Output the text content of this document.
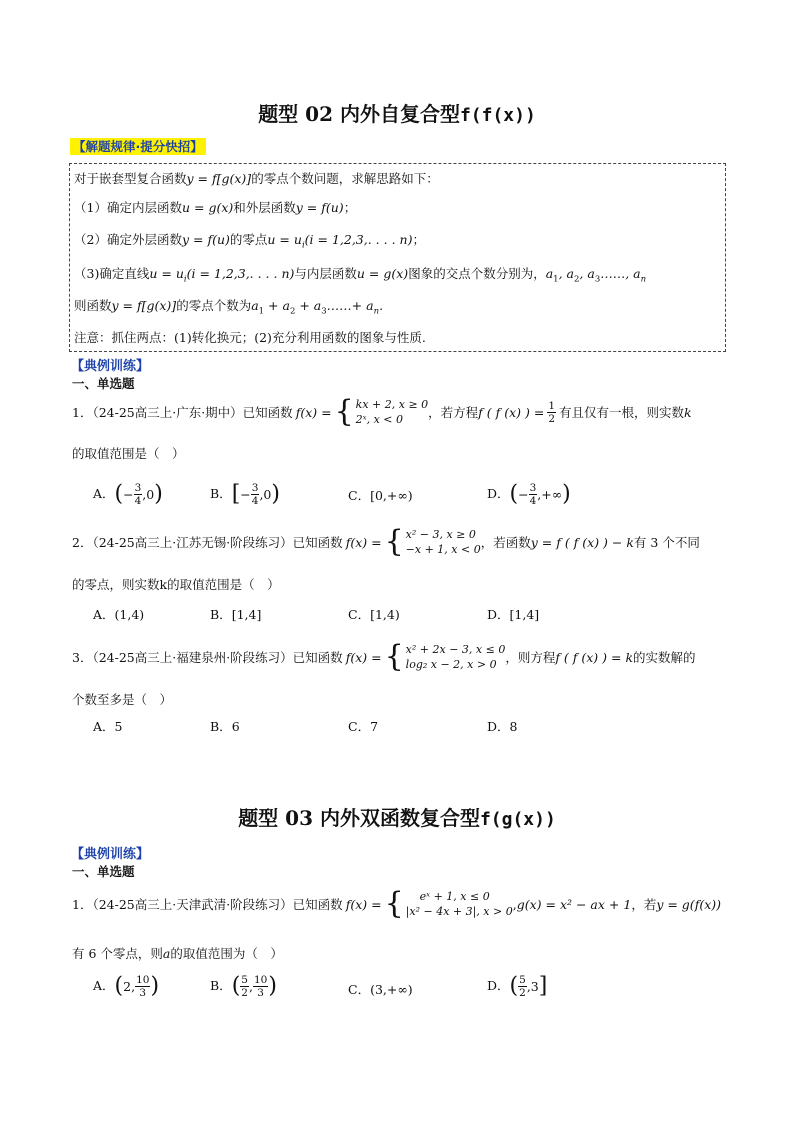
题型 02 内外自复合型f(f(x))
【解题规律·提分快招】
对于嵌套型复合函数y = f[g(x)]的零点个数问题，求解思路如下：
（1）确定内层函数u = g(x)和外层函数y = f(u)；
（2）确定外层函数y = f(u)的零点$u = u_i(i = 1,2,3$,. . . . n)；
（3)确定直线$u = u_i(i = 1,2,3$,. . . . n)与内层函数u = g(x)图象的交点个数分别为，$a_1$, $a_2$, $a_3\dots\dots$, $a_n$
则函数y = f[g(x)]的零点个数为$a_1 + a_2$ + $a_3\dots\dots+ a_n$.
注意：抓住两点：(1)转化换元；(2)充分利用函数的图象与性质.
【典例训练】
一、单选题
1．（24-25高三上·广东·期中）已知函数 f(x) = { kx + 2, x ≥ 0
2ˣ, x < 0	，若方程 f ( f (x) ) = $\frac{1}{2}$ 有且仅有一根，则实数 k
的取值范围是（　）
A．(− $\frac{3}{4} ,0$)	B．[− $\frac{3}{4} ,0$)	C．[0,+∞)	D．(− $\frac{3}{4}$ ,+∞)
2．（24-25高三上·江苏无锡·阶段练习）已知函数 f(x) = { x² − 3, x ≥ 0
−x + 1, x < 0 ，若函数 y = f ( f (x) ) − k 有 3 个不同
的零点，则实数k的取值范围是（　）
A．(1,4)	B．[1,4]	C．[1,4)	D．[1,4]
3．（24-25高三上·福建泉州·阶段练习）已知函数 f(x) = { x² + 2x − 3, x ≤ 0
log₂ x − 2, x > 0 ，则方程 f ( f (x) ) = k 的实数解的
个数至多是（　）
A．5	B．6	C．7	D．8
题型 03 内外双函数复合型f(g(x))
【典例训练】
一、单选题
1．（24-25高三上·天津武清·阶段练习）已知函数 f(x) = {	eˣ + 1, x ≤ 0
|x² − 4x + 3|, x > 0 , g(x) = x² − ax + 1 ，若 y = g(f(x))
有 6 个零点，则a的取值范围为（　）
A．(2, $\frac{10}{3}$ )	B．( $\frac{5}{2}$ , $\frac{10}{3}$ )	C．(3,+∞)	D．( $\frac{5}{2} ,3$]
